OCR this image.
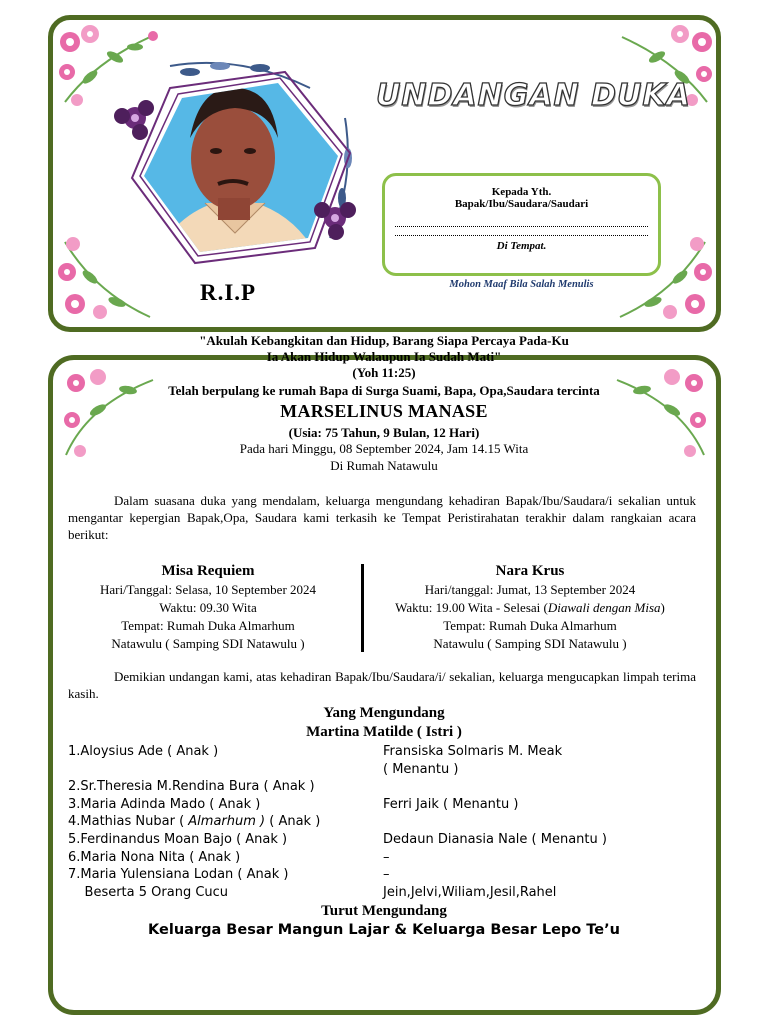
R.I.P
UNDANGAN DUKA
Kepada Yth.
Bapak/Ibu/Saudara/Saudari
Di Tempat.
Mohon Maaf Bila Salah Menulis
"Akulah Kebangkitan dan Hidup, Barang Siapa Percaya Pada-Ku
Ia Akan Hidup Walaupun Ia Sudah Mati"
(Yoh 11:25)
Telah berpulang ke rumah Bapa di Surga Suami, Bapa, Opa,Saudara tercinta
MARSELINUS MANASE
(Usia: 75 Tahun, 9 Bulan, 12 Hari)
Pada hari Minggu, 08 September 2024, Jam 14.15 Wita
Di Rumah Natawulu
Dalam suasana duka yang mendalam, keluarga mengundang kehadiran Bapak/Ibu/Saudara/i sekalian untuk mengantar kepergian Bapak,Opa, Saudara kami terkasih ke Tempat Peristirahatan terakhir dalam rangkaian acara berikut:
Misa Requiem
Hari/Tanggal: Selasa, 10 September 2024
Waktu: 09.30 Wita
Tempat: Rumah Duka Almarhum
Natawulu ( Samping SDI Natawulu )
Nara Krus
Hari/tanggal: Jumat, 13 September 2024
Waktu: 19.00 Wita - Selesai (Diawali dengan Misa)
Tempat: Rumah Duka Almarhum
Natawulu ( Samping SDI Natawulu )
Demikian undangan kami, atas kehadiran Bapak/Ibu/Saudara/i/ sekalian, keluarga mengucapkan limpah terima kasih.
Yang Mengundang
Martina Matilde ( Istri )
1.Aloysius Ade ( Anak )
2.Sr.Theresia M.Rendina Bura ( Anak )
3.Maria Adinda Mado ( Anak )
4.Mathias Nubar ( Almarhum ) ( Anak )
5.Ferdinandus Moan Bajo ( Anak )
6.Maria Nona Nita ( Anak )
7.Maria Yulensiana Lodan ( Anak )
Beserta 5 Orang Cucu
Fransiska Solmaris M. Meak
( Menantu )
Ferri Jaik ( Menantu )
Dedaun Dianasia Nale ( Menantu )
–
–
Jein,Jelvi,Wiliam,Jesil,Rahel
Turut Mengundang
Keluarga Besar Mangun Lajar & Keluarga Besar Lepo Te’u
